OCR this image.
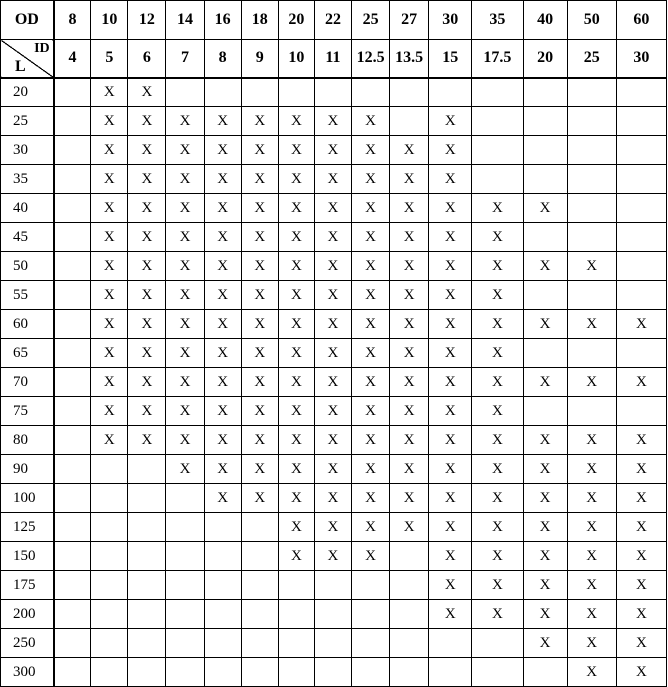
OD	8	10	12	14	16	18	20	22	25	27	30	35	40	50	60

ID
L	4	5	6	7	8	9	10	11	12.5	13.5	15	17.5	20	25	30
20		X	X												
25		X	X	X	X	X	X	X	X		X				
30		X	X	X	X	X	X	X	X	X	X				
35		X	X	X	X	X	X	X	X	X	X				
40		X	X	X	X	X	X	X	X	X	X	X	X		
45		X	X	X	X	X	X	X	X	X	X	X			
50		X	X	X	X	X	X	X	X	X	X	X	X	X	
55		X	X	X	X	X	X	X	X	X	X	X			
60		X	X	X	X	X	X	X	X	X	X	X	X	X	X
65		X	X	X	X	X	X	X	X	X	X	X			
70		X	X	X	X	X	X	X	X	X	X	X	X	X	X
75		X	X	X	X	X	X	X	X	X	X	X			
80		X	X	X	X	X	X	X	X	X	X	X	X	X	X
90				X	X	X	X	X	X	X	X	X	X	X	X
100					X	X	X	X	X	X	X	X	X	X	X
125							X	X	X	X	X	X	X	X	X
150							X	X	X		X	X	X	X	X
175											X	X	X	X	X
200											X	X	X	X	X
250													X	X	X
300														X	X
